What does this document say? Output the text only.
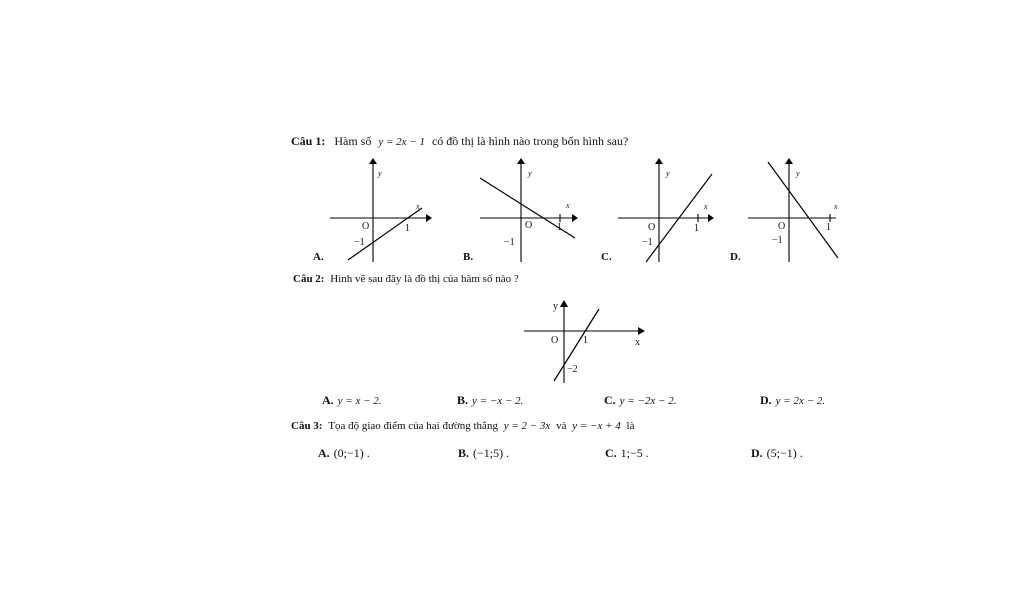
Câu 1: Hàm số y = 2x − 1 có đồ thị là hình nào trong bốn hình sau?
y
x
O	1
−1
A.
y
x
O 1
−1
B.
y
x
O	1
−1
C.
y
x
O	1
−1
D.
Câu 2: Hình vẽ sau đây là đồ thị của hàm số nào ?
y
x
O 1
−2
A. y = x − 2.	B. y = −x − 2.	C. y = −2x − 2.	D. y = 2x − 2.
Câu 3: Tọa độ giao điểm của hai đường thẳng y = 2 − 3x và y = −x + 4 là
A. (0;−1) .	B. (−1;5) .	C. 1;−5 .	D. (5;−1) .
